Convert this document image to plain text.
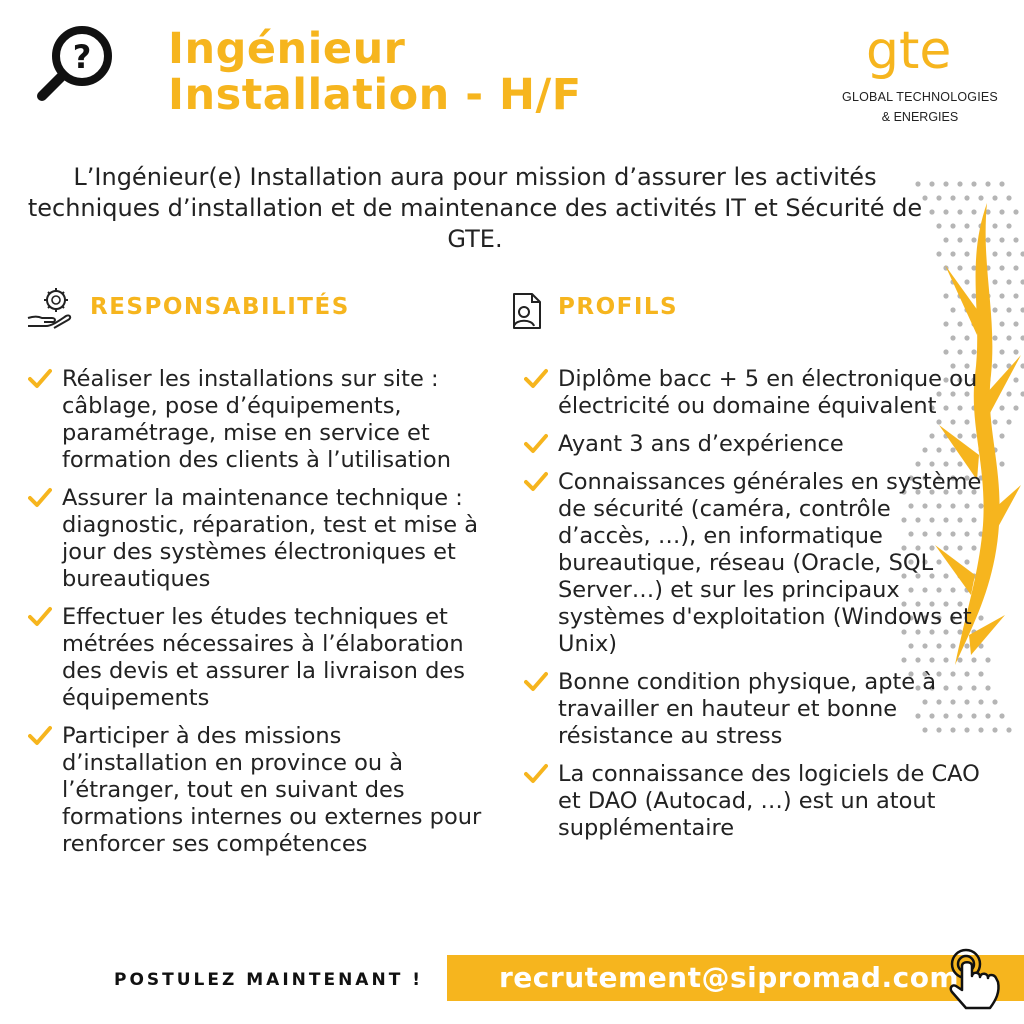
? Ingénieur
Installation - H/F
gte
GLOBAL TECHNOLOGIES
& ENERGIES

L’Ingénieur(e) Installation aura pour mission d’assurer les activités techniques d’installation et de maintenance des activités IT et Sécurité de GTE.

RESPONSABILITÉS	PROFILS
Réaliser les installations sur site : câblage, pose d’équipements, paramétrage, mise en service et formation des clients à l’utilisation
Assurer la maintenance technique : diagnostic, réparation, test et mise à jour des systèmes électroniques et bureautiques
Effectuer les études techniques et métrées nécessaires à l’élaboration des devis et assurer la livraison des équipements
Participer à des missions d’installation en province ou à l’étranger, tout en suivant des formations internes ou externes pour renforcer ses compétences
Diplôme bacc + 5 en électronique ou électricité ou domaine équivalent
Ayant 3 ans d’expérience
Connaissances générales en système de sécurité (caméra, contrôle d’accès, …), en informatique bureautique, réseau (Oracle, SQL Server…) et sur les principaux systèmes d'exploitation (Windows et Unix)
Bonne condition physique, apte à travailler en hauteur et bonne résistance au stress
La connaissance des logiciels de CAO et DAO (Autocad, …) est un atout supplémentaire

POSTULEZ MAINTENANT !	recrutement@sipromad.com
